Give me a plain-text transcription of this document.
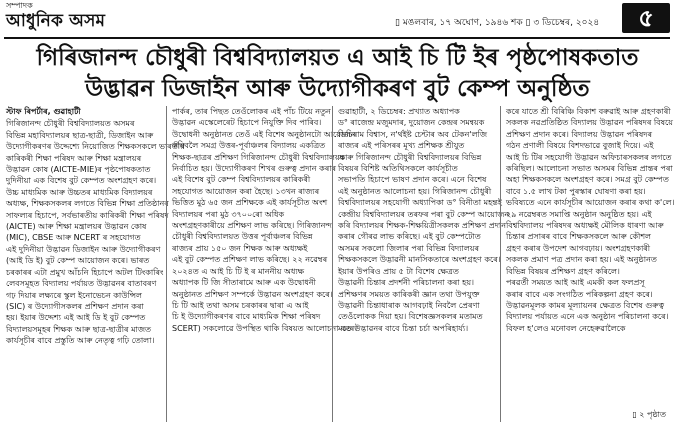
সম্পাদক
আধুনিক অসম	▯ মঙলবাৰ, ১৭ অঘোণ, ১৯৪৬ শক ▯ ৩ ডিচেম্বৰ, ২০২৪	৫
গিৰিজানন্দ চৌধুৰী বিশ্ববিদ্যালয়ত এ আই চি টি ইৰ পৃষ্ঠপোষকতাত
উদ্ভাৱন ডিজাইন আৰু উদ্যোগীকৰণ বুট কেম্প অনুষ্ঠিত
স্টাফ ৰিপৰ্টাৰ, গুৱাহাটী
গিৰিজানন্দ চৌধুৰী বিশ্ববিদ্যালয়ত অসমৰ
বিভিন্ন মহাবিদ্যালয়ৰ ছাত্ৰ-ছাত্ৰী, ডিজাইন আৰু
উদ্যোগীকৰণৰ উদ্দেশ্যে নিয়োজিত শিক্ষকসকলে ভাৰতীয়
কাৰিকৰী শিক্ষা পৰিষদ আৰু শিক্ষা মন্ত্ৰালয়ৰ
উদ্ভাৱন কোষ (AICTE-MIE)ৰ পৃষ্ঠপোষকতাত
দুদিনীয়া এক বিশেষ বুট কেম্পত অংশগ্ৰহণ কৰে।
উচ্চ মাধ্যমিক আৰু উচ্চতৰ মাধ্যমিক বিদ্যালয়ৰ
অধ্যক্ষ, শিক্ষকসকলৰ লগতে বিভিন্ন শিক্ষা প্ৰতিষ্ঠানৰ
সাফল্যৰ হিচাপে, সৰ্বভাৰতীয় কাৰিকৰী শিক্ষা পৰিষদ
(AICTE) আৰু শিক্ষা মন্ত্ৰালয়ৰ উদ্ভাৱন কোষ
(MIC), CBSE আৰু NCERT ৰ সহযোগত
এই দুদিনীয়া উদ্ভাৱন ডিজাইন আৰু উদ্যোগীকৰণ
(আই ডি ই) বুট কেম্প আয়োজন কৰে। ভাৰত
চৰকাৰৰ এটা প্ৰমুখ আঁচনি হিচাপে অটল টিংকাৰিং
লেবসমূহত বিদ্যালয় পৰ্যায়ত উদ্ভাৱনৰ বাতাবৰণ
গঢ় দিয়াৰ লক্ষ্যৰে স্কুল ইনোভেচন কাউন্সিল
(SIC) ৰ উদ্যোগীসকলৰ প্ৰশিক্ষণ প্ৰদান কৰা
হয়। ইয়াৰ উদ্দেশ্য এই আই ডি ই বুট কেম্পত
বিদ্যালয়সমূহৰ শিক্ষক আৰু ছাত্ৰ-ছাত্ৰীৰ মাজত
কাৰ্যসূচীৰ বাবে প্ৰস্তুতি আৰু নেতৃত্ব গঢ়ি তোলা।
পাৰ্কৰ, তাৰ পিছত তেওঁলোকৰ এই পাঁচ টিয়ে নতুন
উদ্ভাৱন এস্কেলেৰেট হিচাপে নিযুক্তি দিব পাৰিব।
উদ্বোধনী অনুষ্ঠানত তেওঁ এই বিশেষ অনুষ্ঠানটো আয়োজন
কৰিবলৈ সমগ্ৰ উত্তৰ-পূৰ্বাঞ্চলৰ বিদ্যালয় একত্ৰিত
শিক্ষক-ছাত্ৰৰ প্ৰশিক্ষণ গিৰিজানন্দ চৌধুৰী বিশ্ববিদ্যালয়ক
নিৰ্বাচিত হয়। উদ্যোগীকৰণ শিখৰ গুৰুত্ব প্ৰদান কৰাৰ
এই বিশেষ বুট কেম্প বিশ্ববিদ্যালয়ৰ কাৰিকৰী
সহযোগত আয়োজন কৰা হৈছে। ১৩খন ৰাজ্যৰ
ভিত্তিত মুঠ ৬৫ জন প্ৰশিক্ষকে এই কাৰ্যসূচীত অংশ
বিদ্যালয়ৰ পৰা মুঠ ৩৭০০ৰো অধিক
অংশগ্ৰহণকাৰীয়ে প্ৰশিক্ষণ লাভ কৰিছে। গিৰিজানন্দ
চৌধুৰী বিশ্ববিদ্যালয়ত উত্তৰ পূৰ্বাঞ্চলৰ বিভিন্ন
ৰাজ্যৰ প্ৰায় ১৫০ জন শিক্ষক আৰু অধ্যক্ষই
এই বুট কেম্পত প্ৰশিক্ষণ লাভ কৰিছে। ২২ নৱেম্বৰ
২০২৪ত এ আই চি টি ই ৰ মাননীয় অধ্যক্ষ
অধ্যাপক টি জি সীতাৰামে আৰু এক উদ্বোধনী
অনুষ্ঠানত প্ৰশিক্ষণ সম্পৰ্কে উদ্ভাৱন অংশগ্ৰহণ কৰে।
চি টি আই তথা অসম চৰকাৰৰ দ্বাৰা এ আই
চি ই উদ্যোগীকৰণৰ বাবে মাধ্যমিক শিক্ষা পৰিষদ
SCERT) সকলোৱে উপস্থিত থাকি বিষয়ত আলোচনা কৰে।
গুৱাহাটী, ২ ডিচেম্বৰ: প্ৰখ্যাত অধ্যাপক
ড° ৰাজেন্দ্ৰ মজুমদাৰ, দুয়োজন কেন্দ্ৰৰ সমন্বয়ক
ডিচিৰাম বিশ্বাস, ন'ৰ্থইষ্ট চেন্টাৰ অব টেকন'লজি
ৰাজ্যৰ এই পৰিসৰৰ মূখ্য প্ৰশিক্ষক শ্ৰীযুত
আৰু গিৰিজানন্দ চৌধুৰী বিশ্ববিদ্যালয়ৰ বিভিন্ন
বিষয়ৰ বিশিষ্ট অতিথিসকলে কাৰ্যসূচীত
সভাপতি হিচাপে ভাষণ প্ৰদান কৰে। এনে বিশেষ
এই অনুষ্ঠানত আলোচনা হয়। গিৰিজানন্দ চৌধুৰী
বিশ্ববিদ্যালয়ৰ সহযোগী অধ্যাপিকা ড° বিনীতা মহন্তই
কেন্দ্ৰীয় বিশ্ববিদ্যালয়ৰ তৰফৰ পৰা বুট কেম্প আয়োজন
কৰি বিদ্যালয়ৰ শিক্ষক-শিক্ষয়িত্ৰীসকলক প্ৰশিক্ষণ প্ৰদান
কৰাৰ গৌৰৱ লাভ কৰিছে। এই বুট কেম্পটোত
অসমৰ সকলো জিলাৰ পৰা বিভিন্ন বিদ্যালয়ৰ
শিক্ষকসকলে উদ্ভাৱনী মানসিকতাৰে অংশগ্ৰহণ কৰে।
ইয়াৰ উপৰিও প্ৰায় ৫ টা বিশেষ ক্ষেত্ৰত
উদ্ভাৱনী চিন্তাৰ প্ৰদৰ্শনী পৰিচালনা কৰা হয়।
প্ৰশিক্ষণৰ সময়ত কাৰিকৰী জ্ঞান তথা উপযুক্ত
উদ্ভাৱনী চিন্তাধাৰাক আগবঢ়াই নিবলৈ প্ৰেৰণা
তেওঁলোকক দিয়া হয়। বিশেষজ্ঞসকলৰ মতামত
মতে উদ্ভাৱনৰ বাবে চিন্তা চৰ্চা অপৰিহাৰ্য্য।
কৰে যাতে শ্ৰী বিৰিঞ্চি বিকাশ বৰুৱাই আৰু গ্ৰহণকাৰী
সকলক নৱপ্ৰতিষ্ঠিত বিদ্যালয় উদ্ভাৱন পৰিষদৰ বিষয়ে
প্ৰশিক্ষণ প্ৰদান কৰে। বিদ্যালয় উদ্ভাৱন পৰিষদৰ
গঠন প্ৰণালী বিষয়ে বিশদভাৱে বুজাই দিয়ে। এই
আই চি টিৰ সহযোগী উদ্ভাৱন অফিচাৰসকলৰ লগতে
কৰিছিল। আলোচনা সভাত অসমৰ বিভিন্ন প্ৰান্তৰ পৰা
অহা শিক্ষকসকলে অংশগ্ৰহণ কৰে। সমগ্ৰ বুট কেম্পত
বাবে ১.৫ লাখ টকা পুৰস্কাৰ ঘোষণা কৰা হয়।
ভবিষ্যতে এনে কাৰ্যসূচীৰ আয়োজন কৰাৰ কথা ক'লে।
২৯ নৱেম্বৰত সমাপ্তি অনুষ্ঠান অনুষ্ঠিত হয়। এই
বিশ্ববিদ্যালয় পৰিষদৰ অধ্যক্ষই মৌলিক ধাৰণা আৰু
চিন্তাৰ প্ৰসাৰৰ বাবে শিক্ষকসকলে আৰু কৌশল
গ্ৰহণ কৰাৰ উপদেশ আগবঢ়ায়। অংশগ্ৰহণকাৰী
সকলক প্ৰমাণ পত্ৰ প্ৰদান কৰা হয়। এই অনুষ্ঠানত
বিভিন্ন বিষয়ৰ প্ৰশিক্ষণ গ্ৰহণ কৰিলে।
পৰৱৰ্তী সময়ত আই আই এমকী কল ফলপ্ৰসূ
কৰাৰ বাবে এক সংগঠিত পৰিকল্পনা গ্ৰহণ কৰে।
উদ্ভাৱনমূলক কামৰ মূল্যায়নৰ ক্ষেত্ৰত বিশেষ গুৰুত্ব
বিদ্যালয় পৰ্যায়ত এনে এক অনুষ্ঠান পৰিচালনা কৰে।
বিফল হ'লেও মনোবল নেহেৰুৱালৈকে
▯ ২ পৃষ্ঠাত
